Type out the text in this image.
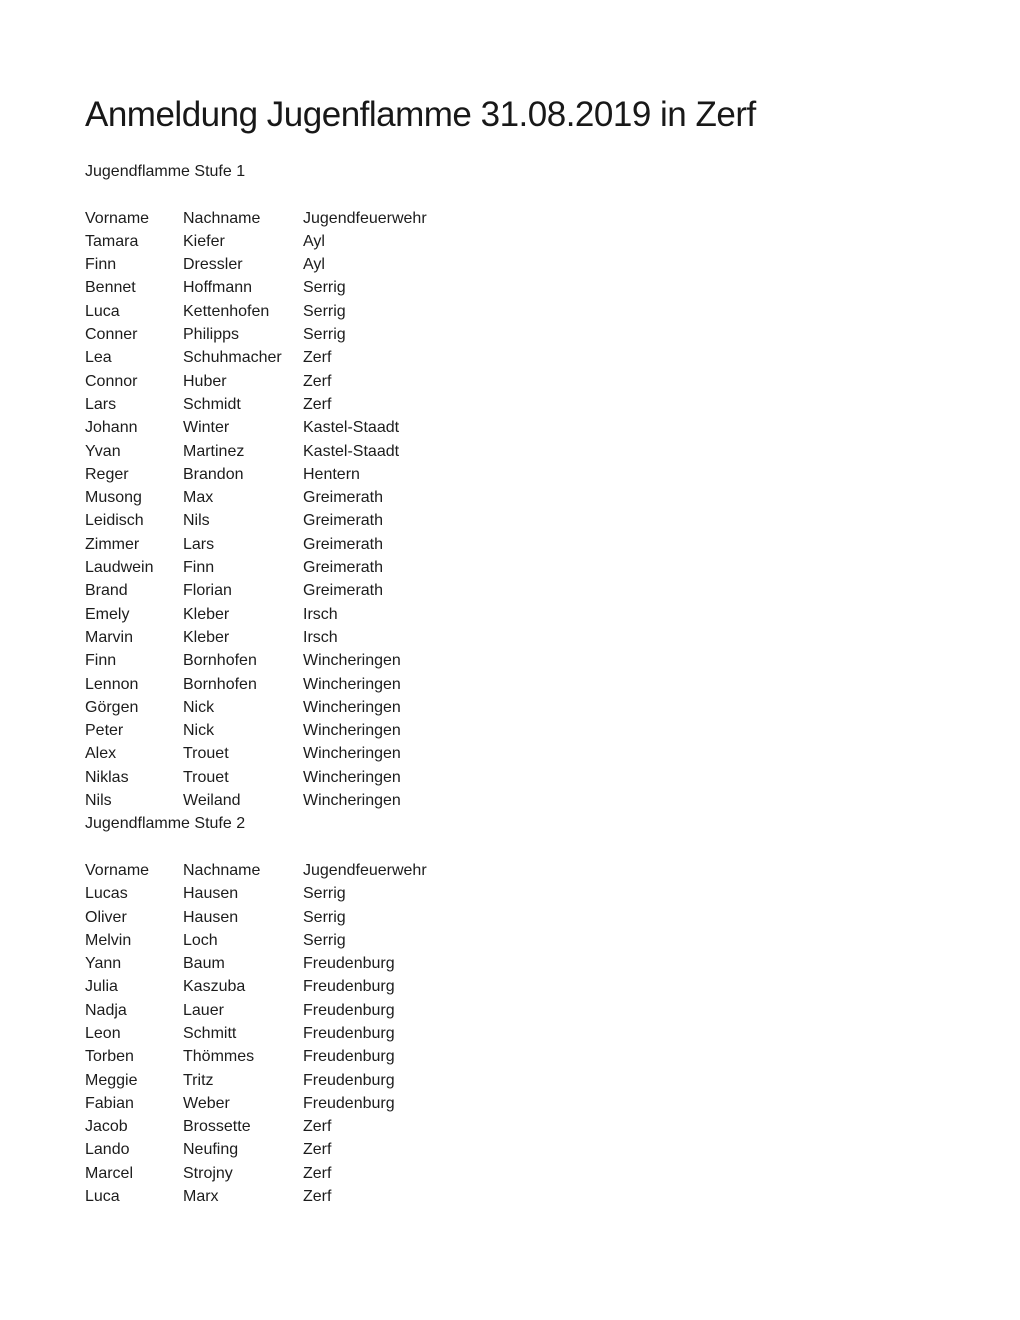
Anmeldung Jugenflamme 31.08.2019 in Zerf
Jugendflamme Stufe 1
Vorname	Nachname	Jugendfeuerwehr
Tamara	Kiefer	Ayl
Finn	Dressler	Ayl
Bennet	Hoffmann	Serrig
Luca	Kettenhofen	Serrig
Conner	Philipps	Serrig
Lea	Schuhmacher	Zerf
Connor	Huber	Zerf
Lars	Schmidt	Zerf
Johann	Winter	Kastel-Staadt
Yvan	Martinez	Kastel-Staadt
Reger	Brandon	Hentern
Musong	Max	Greimerath
Leidisch	Nils	Greimerath
Zimmer	Lars	Greimerath
Laudwein	Finn	Greimerath
Brand	Florian	Greimerath
Emely	Kleber	Irsch
Marvin	Kleber	Irsch
Finn	Bornhofen	Wincheringen
Lennon	Bornhofen	Wincheringen
Görgen	Nick	Wincheringen
Peter	Nick	Wincheringen
Alex	Trouet	Wincheringen
Niklas	Trouet	Wincheringen
Nils	Weiland	Wincheringen
Jugendflamme Stufe 2
Vorname	Nachname	Jugendfeuerwehr
Lucas	Hausen	Serrig
Oliver	Hausen	Serrig
Melvin	Loch	Serrig
Yann	Baum	Freudenburg
Julia	Kaszuba	Freudenburg
Nadja	Lauer	Freudenburg
Leon	Schmitt	Freudenburg
Torben	Thömmes	Freudenburg
Meggie	Tritz	Freudenburg
Fabian	Weber	Freudenburg
Jacob	Brossette	Zerf
Lando	Neufing	Zerf
Marcel	Strojny	Zerf
Luca	Marx	Zerf
